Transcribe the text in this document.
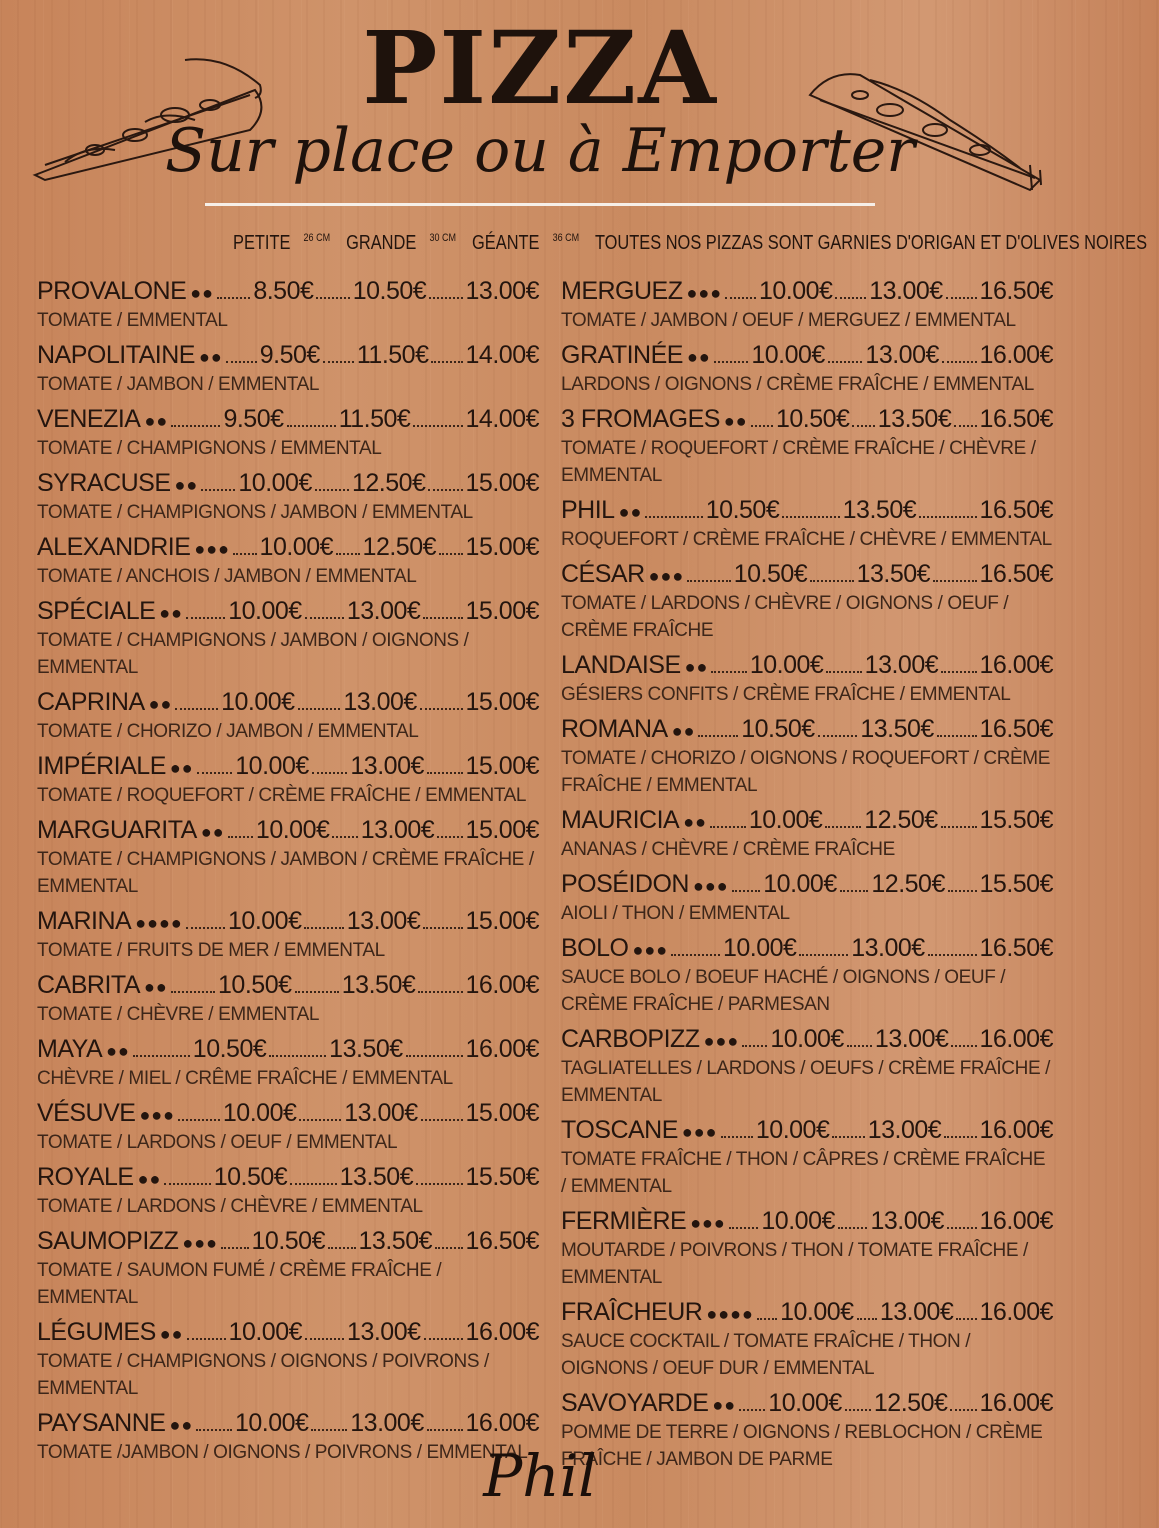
PIZZA
Sur place ou à Emporter
PETITE $^{26 CM}$ GRANDE $^{30 CM}$ GÉANTE $^{36 CM}$ TOUTES NOS PIZZAS SONT GARNIES D'ORIGAN ET D'OLIVES NOIRES
PROVALONE ●● 8.50€ 10.50€ 13.00€
TOMATE / EMMENTAL
NAPOLITAINE ●● 9.50€ 11.50€ 14.00€
TOMATE / JAMBON / EMMENTAL
VENEZIA ●● 9.50€ 11.50€ 14.00€
TOMATE / CHAMPIGNONS / EMMENTAL
SYRACUSE ●● 10.00€ 12.50€ 15.00€
TOMATE / CHAMPIGNONS / JAMBON / EMMENTAL
ALEXANDRIE ●●● 10.00€ 12.50€ 15.00€
TOMATE / ANCHOIS / JAMBON / EMMENTAL
SPÉCIALE ●● 10.00€ 13.00€ 15.00€
TOMATE / CHAMPIGNONS / JAMBON / OIGNONS / EMMENTAL
CAPRINA ●● 10.00€ 13.00€ 15.00€
TOMATE / CHORIZO / JAMBON / EMMENTAL
IMPÉRIALE ●● 10.00€ 13.00€ 15.00€
TOMATE / ROQUEFORT / CRÈME FRAÎCHE / EMMENTAL
MARGUARITA ●● 10.00€ 13.00€ 15.00€
TOMATE / CHAMPIGNONS / JAMBON / CRÈME FRAÎCHE / EMMENTAL
MARINA ●●●● 10.00€ 13.00€ 15.00€
TOMATE / FRUITS DE MER / EMMENTAL
CABRITA ●● 10.50€ 13.50€ 16.00€
TOMATE / CHÈVRE / EMMENTAL
MAYA ●●	10.50€	13.50€	16.00€
CHÈVRE / MIEL / CRÊME FRAÎCHE / EMMENTAL
VÉSUVE ●●● 10.00€ 13.00€ 15.00€
TOMATE / LARDONS / OEUF / EMMENTAL
ROYALE ●● 10.50€ 13.50€ 15.50€
TOMATE / LARDONS / CHÈVRE / EMMENTAL
SAUMOPIZZ ●●● 10.50€ 13.50€ 16.50€
TOMATE / SAUMON FUMÉ / CRÈME FRAÎCHE / EMMENTAL
LÉGUMES ●● 10.00€ 13.00€ 16.00€
TOMATE / CHAMPIGNONS / OIGNONS / POIVRONS / EMMENTAL
PAYSANNE ●● 10.00€ 13.00€ 16.00€
TOMATE /JAMBON / OIGNONS / POIVRONS / EMMENTAL
MERGUEZ ●●● 10.00€ 13.00€ 16.50€
TOMATE / JAMBON / OEUF / MERGUEZ / EMMENTAL
GRATINÉE ●● 10.00€ 13.00€ 16.00€
LARDONS / OIGNONS / CRÈME FRAÎCHE / EMMENTAL
3 FROMAGES ●● 10.50€ 13.50€ 16.50€
TOMATE / ROQUEFORT / CRÈME FRAÎCHE / CHÈVRE / EMMENTAL
PHIL ●●	10.50€	13.50€	16.50€
ROQUEFORT / CRÈME FRAÎCHE / CHÈVRE / EMMENTAL
CÉSAR ●●● 10.50€ 13.50€ 16.50€
TOMATE / LARDONS / CHÈVRE / OIGNONS / OEUF / CRÈME FRAÎCHE
LANDAISE ●● 10.00€ 13.00€ 16.00€
GÉSIERS CONFITS / CRÈME FRAÎCHE / EMMENTAL
ROMANA ●● 10.50€ 13.50€ 16.50€
TOMATE / CHORIZO / OIGNONS / ROQUEFORT / CRÈME FRAÎCHE / EMMENTAL
MAURICIA ●● 10.00€ 12.50€ 15.50€
ANANAS / CHÈVRE / CRÈME FRAÎCHE
POSÉIDON ●●● 10.00€ 12.50€ 15.50€
AIOLI / THON / EMMENTAL
BOLO ●●● 10.00€ 13.00€ 16.50€
SAUCE BOLO / BOEUF HACHÉ / OIGNONS / OEUF / CRÈME FRAÎCHE / PARMESAN
CARBOPIZZ ●●● 10.00€ 13.00€ 16.00€
TAGLIATELLES / LARDONS / OEUFS / CRÈME FRAÎCHE / EMMENTAL
TOSCANE ●●● 10.00€ 13.00€ 16.00€
TOMATE FRAÎCHE / THON / CÂPRES / CRÈME FRAÎCHE / EMMENTAL
FERMIÈRE ●●● 10.00€ 13.00€ 16.00€
MOUTARDE / POIVRONS / THON / TOMATE FRAÎCHE / EMMENTAL
FRAÎCHEUR ●●●● 10.00€ 13.00€ 16.00€
SAUCE COCKTAIL / TOMATE FRAÎCHE / THON / OIGNONS / OEUF DUR / EMMENTAL
SAVOYARDE ●● 10.00€ 12.50€ 16.00€
POMME DE TERRE / OIGNONS / REBLOCHON / CRÈME FRAÎCHE / JAMBON DE PARME
Phil
